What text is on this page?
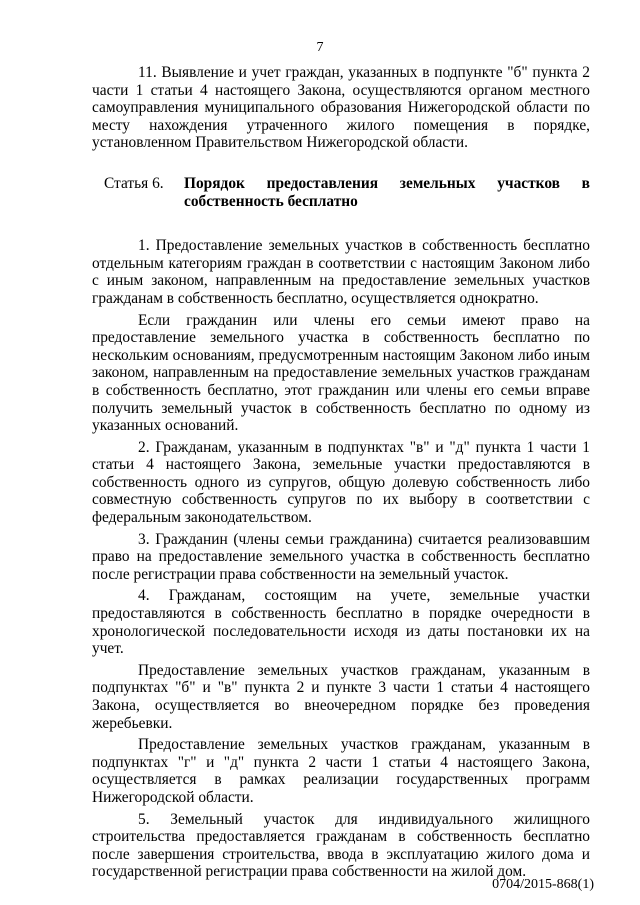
7

11. Выявление и учет граждан, указанных в подпункте "б" пункта 2 части 1 статьи 4 настоящего Закона, осуществляются органом местного самоуправления муниципального образования Нижегородской области по месту нахождения утраченного жилого помещения в порядке, установленном Правительством Нижегородской области.

Статья 6.	Порядок предоставления земельных участков в собственность бесплатно

1. Предоставление земельных участков в собственность бесплатно отдельным категориям граждан в соответствии с настоящим Законом либо с иным законом, направленным на предоставление земельных участков гражданам в собственность бесплатно, осуществляется однократно.

Если гражданин или члены его семьи имеют право на предоставление земельного участка в собственность бесплатно по нескольким основаниям, предусмотренным настоящим Законом либо иным законом, направленным на предоставление земельных участков гражданам в собственность бесплатно, этот гражданин или члены его семьи вправе получить земельный участок в собственность бесплатно по одному из указанных оснований.

2. Гражданам, указанным в подпунктах "в" и "д" пункта 1 части 1 статьи 4 настоящего Закона, земельные участки предоставляются в собственность одного из супругов, общую долевую собственность либо совместную собственность супругов по их выбору в соответствии с федеральным законодательством.

3. Гражданин (члены семьи гражданина) считается реализовавшим право на предоставление земельного участка в собственность бесплатно после регистрации права собственности на земельный участок.

4. Гражданам, состоящим на учете, земельные участки предоставляются в собственность бесплатно в порядке очередности в хронологической последовательности исходя из даты постановки их на учет.

Предоставление земельных участков гражданам, указанным в подпунктах "б" и "в" пункта 2 и пункте 3 части 1 статьи 4 настоящего Закона, осуществляется во внеочередном порядке без проведения жеребьевки.

Предоставление земельных участков гражданам, указанным в подпунктах "г" и "д" пункта 2 части 1 статьи 4 настоящего Закона, осуществляется в рамках реализации государственных программ Нижегородской области.

5. Земельный участок для индивидуального жилищного строительства предоставляется гражданам в собственность бесплатно после завершения строительства, ввода в эксплуатацию жилого дома и государственной регистрации права собственности на жилой дом.

0704/2015-868(1)
